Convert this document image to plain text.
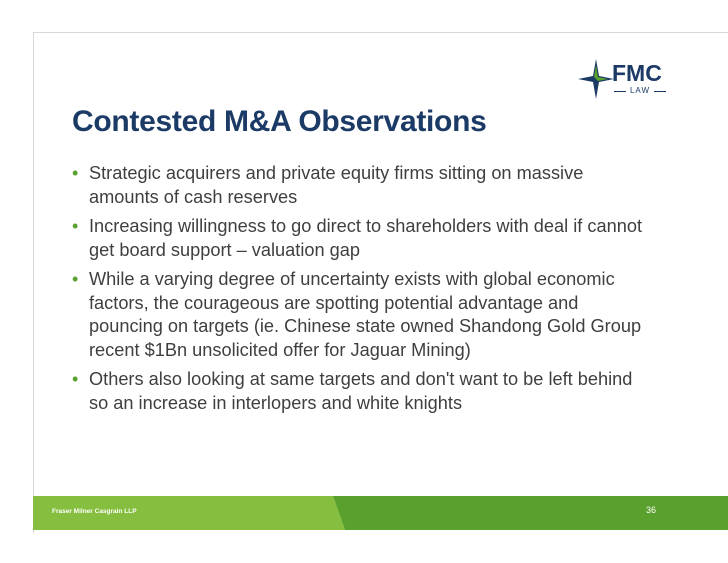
FMC
LAW
Contested M&A Observations
• Strategic acquirers and private equity firms sitting on massive amounts of cash reserves
• Increasing willingness to go direct to shareholders with deal if cannot get board support – valuation gap
• While a varying degree of uncertainty exists with global economic factors, the courageous are spotting potential advantage and pouncing on targets (ie. Chinese state owned Shandong Gold Group recent $1Bn unsolicited offer for Jaguar Mining)
• Others also looking at same targets and don't want to be left behind so an increase in interlopers and white knights
Fraser Milner Casgrain LLP	36
